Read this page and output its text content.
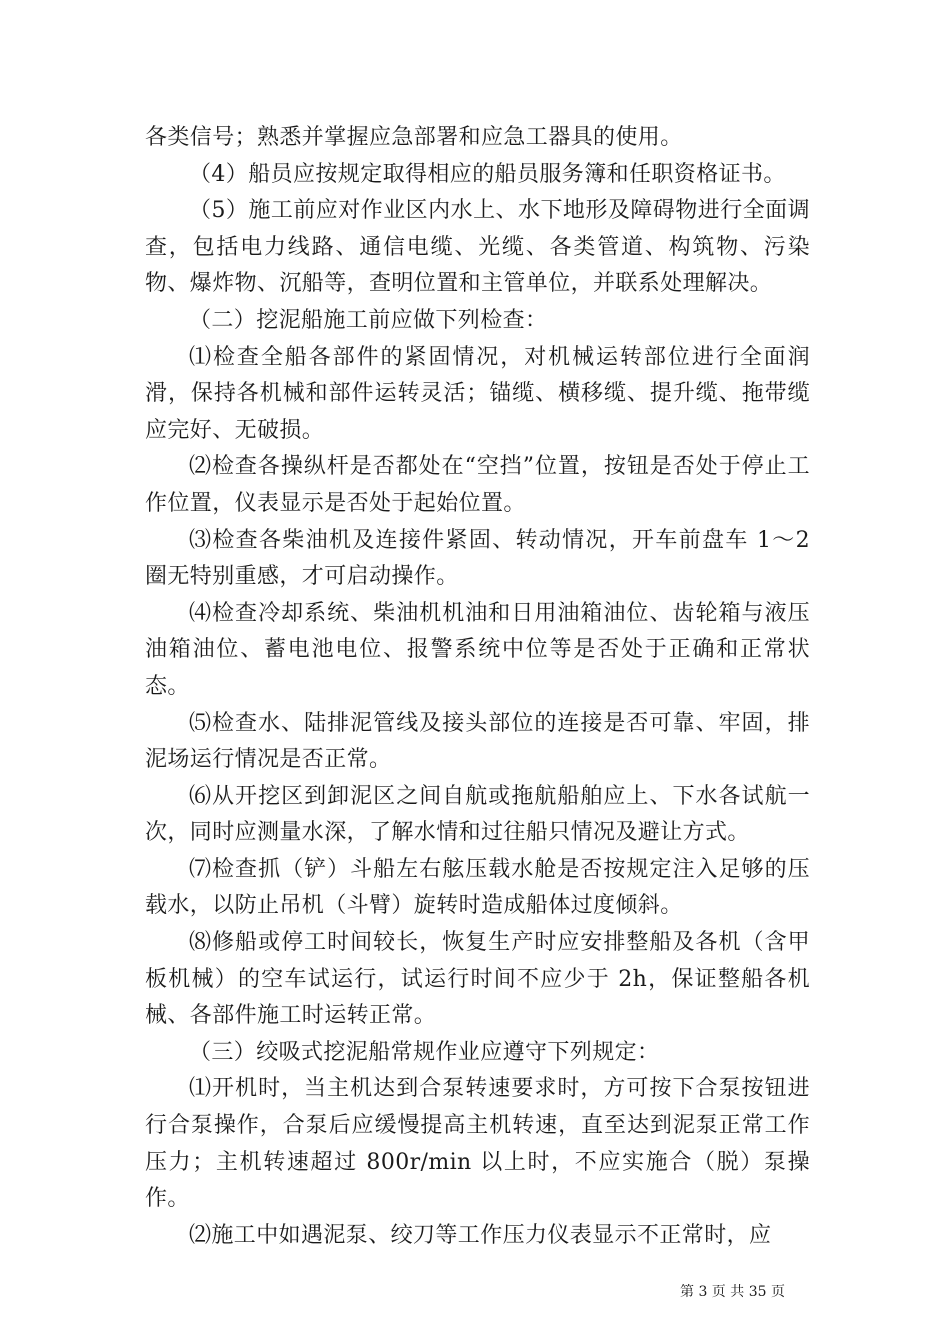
各类信号；熟悉并掌握应急部署和应急工器具的使用。

（4）船员应按规定取得相应的船员服务簿和任职资格证书。

（5）施工前应对作业区内水上、水下地形及障碍物进行全面调查，包括电力线路、通信电缆、光缆、各类管道、构筑物、污染物、爆炸物、沉船等，查明位置和主管单位，并联系处理解决。

（二）挖泥船施工前应做下列检查：

⑴检查全船各部件的紧固情况，对机械运转部位进行全面润滑，保持各机械和部件运转灵活；锚缆、横移缆、提升缆、拖带缆应完好、无破损。

⑵检查各操纵杆是否都处在“空挡”位置，按钮是否处于停止工作位置，仪表显示是否处于起始位置。

⑶检查各柴油机及连接件紧固、转动情况，开车前盘车 1～2 圈无特别重感，才可启动操作。

⑷检查冷却系统、柴油机机油和日用油箱油位、齿轮箱与液压油箱油位、蓄电池电位、报警系统中位等是否处于正确和正常状态。

⑸检查水、陆排泥管线及接头部位的连接是否可靠、牢固，排泥场运行情况是否正常。

⑹从开挖区到卸泥区之间自航或拖航船舶应上、下水各试航一次，同时应测量水深，了解水情和过往船只情况及避让方式。

⑺检查抓（铲）斗船左右舷压载水舱是否按规定注入足够的压载水，以防止吊机（斗臂）旋转时造成船体过度倾斜。

⑻修船或停工时间较长，恢复生产时应安排整船及各机（含甲板机械）的空车试运行，试运行时间不应少于 2h，保证整船各机械、各部件施工时运转正常。

（三）绞吸式挖泥船常规作业应遵守下列规定：

⑴开机时，当主机达到合泵转速要求时，方可按下合泵按钮进行合泵操作，合泵后应缓慢提高主机转速，直至达到泥泵正常工作压力；主机转速超过 800r/min 以上时，不应实施合（脱）泵操作。

⑵施工中如遇泥泵、绞刀等工作压力仪表显示不正常时，应

第 3 页 共 35 页
